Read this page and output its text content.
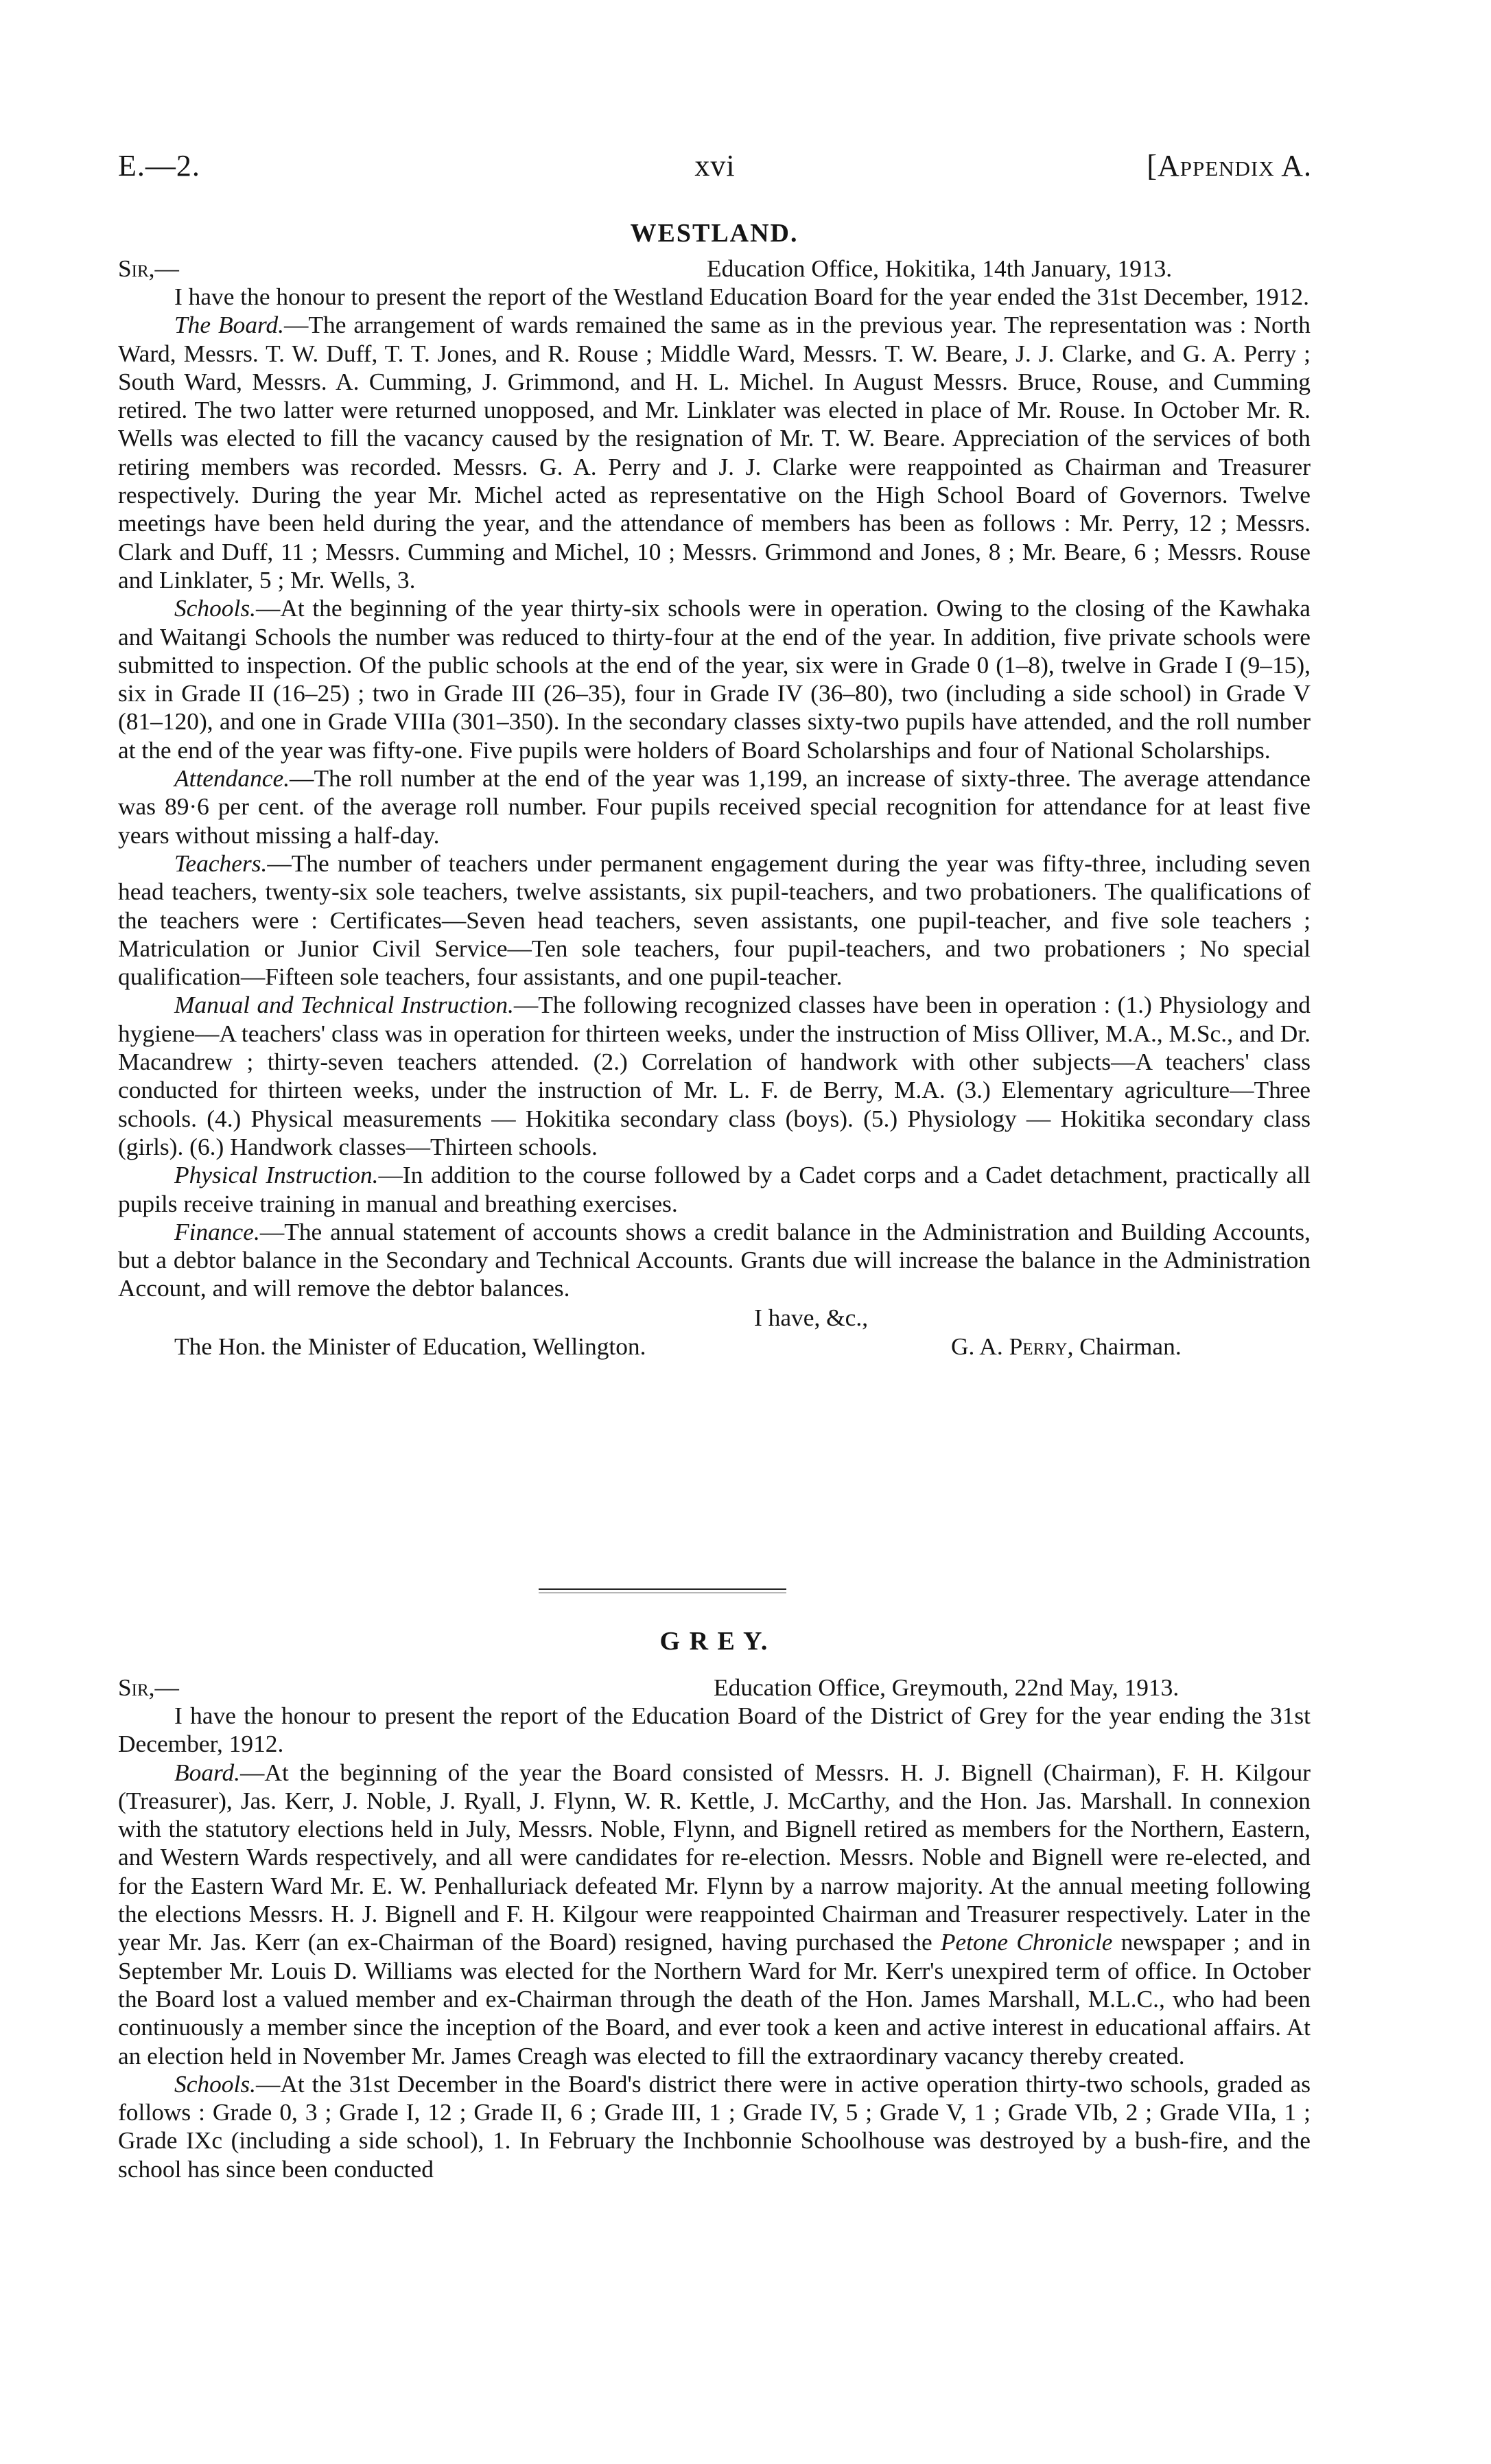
E.—2.	xvi	[Appendix A.
WESTLAND.
Sir,—	Education Office, Hokitika, 14th January, 1913.

I have the honour to present the report of the Westland Education Board for the year ended the 31st December, 1912.

The Board.—The arrangement of wards remained the same as in the previous year. The representation was : North Ward, Messrs. T. W. Duff, T. T. Jones, and R. Rouse ; Middle Ward, Messrs. T. W. Beare, J. J. Clarke, and G. A. Perry ; South Ward, Messrs. A. Cumming, J. Grimmond, and H. L. Michel. In August Messrs. Bruce, Rouse, and Cumming retired. The two latter were returned unopposed, and Mr. Linklater was elected in place of Mr. Rouse. In October Mr. R. Wells was elected to fill the vacancy caused by the resignation of Mr. T. W. Beare. Appreciation of the services of both retiring members was recorded. Messrs. G. A. Perry and J. J. Clarke were reappointed as Chairman and Treasurer respectively. During the year Mr. Michel acted as representative on the High School Board of Governors. Twelve meetings have been held during the year, and the attendance of members has been as follows : Mr. Perry, 12 ; Messrs. Clark and Duff, 11 ; Messrs. Cumming and Michel, 10 ; Messrs. Grimmond and Jones, 8 ; Mr. Beare, 6 ; Messrs. Rouse and Linklater, 5 ; Mr. Wells, 3.

Schools.—At the beginning of the year thirty-six schools were in operation. Owing to the closing of the Kawhaka and Waitangi Schools the number was reduced to thirty-four at the end of the year. In addition, five private schools were submitted to inspection. Of the public schools at the end of the year, six were in Grade 0 (1–8), twelve in Grade I (9–15), six in Grade II (16–25) ; two in Grade III (26–35), four in Grade IV (36–80), two (including a side school) in Grade V (81–120), and one in Grade VIIIa (301–350). In the secondary classes sixty-two pupils have attended, and the roll number at the end of the year was fifty-one. Five pupils were holders of Board Scholarships and four of National Scholarships.

Attendance.—The roll number at the end of the year was 1,199, an increase of sixty-three. The average attendance was 89·6 per cent. of the average roll number. Four pupils received special recognition for attendance for at least five years without missing a half-day.

Teachers.—The number of teachers under permanent engagement during the year was fifty-three, including seven head teachers, twenty-six sole teachers, twelve assistants, six pupil-teachers, and two probationers. The qualifications of the teachers were : Certificates—Seven head teachers, seven assistants, one pupil-teacher, and five sole teachers ; Matriculation or Junior Civil Service—Ten sole teachers, four pupil-teachers, and two probationers ; No special qualification—Fifteen sole teachers, four assistants, and one pupil-teacher.

Manual and Technical Instruction.—The following recognized classes have been in operation : (1.) Physiology and hygiene—A teachers' class was in operation for thirteen weeks, under the instruction of Miss Olliver, M.A., M.Sc., and Dr. Macandrew ; thirty-seven teachers attended. (2.) Correlation of handwork with other subjects—A teachers' class conducted for thirteen weeks, under the instruction of Mr. L. F. de Berry, M.A. (3.) Elementary agriculture—Three schools. (4.) Physical measurements — Hokitika secondary class (boys). (5.) Physiology — Hokitika secondary class (girls). (6.) Handwork classes—Thirteen schools.

Physical Instruction.—In addition to the course followed by a Cadet corps and a Cadet detachment, practically all pupils receive training in manual and breathing exercises.

Finance.—The annual statement of accounts shows a credit balance in the Administration and Building Accounts, but a debtor balance in the Secondary and Technical Accounts. Grants due will increase the balance in the Administration Account, and will remove the debtor balances.

I have, &c.,
The Hon. the Minister of Education, Wellington.	G. A. Perry, Chairman.
G R E Y.
Sir,—	Education Office, Greymouth, 22nd May, 1913.

I have the honour to present the report of the Education Board of the District of Grey for the year ending the 31st December, 1912.

Board.—At the beginning of the year the Board consisted of Messrs. H. J. Bignell (Chairman), F. H. Kilgour (Treasurer), Jas. Kerr, J. Noble, J. Ryall, J. Flynn, W. R. Kettle, J. McCarthy, and the Hon. Jas. Marshall. In connexion with the statutory elections held in July, Messrs. Noble, Flynn, and Bignell retired as members for the Northern, Eastern, and Western Wards respectively, and all were candidates for re-election. Messrs. Noble and Bignell were re-elected, and for the Eastern Ward Mr. E. W. Penhalluriack defeated Mr. Flynn by a narrow majority. At the annual meeting following the elections Messrs. H. J. Bignell and F. H. Kilgour were reappointed Chairman and Treasurer respectively. Later in the year Mr. Jas. Kerr (an ex-Chairman of the Board) resigned, having purchased the Petone Chronicle newspaper ; and in September Mr. Louis D. Williams was elected for the Northern Ward for Mr. Kerr's unexpired term of office. In October the Board lost a valued member and ex-Chairman through the death of the Hon. James Marshall, M.L.C., who had been continuously a member since the inception of the Board, and ever took a keen and active interest in educational affairs. At an election held in November Mr. James Creagh was elected to fill the extraordinary vacancy thereby created.

Schools.—At the 31st December in the Board's district there were in active operation thirty-two schools, graded as follows : Grade 0, 3 ; Grade I, 12 ; Grade II, 6 ; Grade III, 1 ; Grade IV, 5 ; Grade V, 1 ; Grade VIb, 2 ; Grade VIIa, 1 ; Grade IXc (including a side school), 1. In February the Inchbonnie Schoolhouse was destroyed by a bush-fire, and the school has since been conducted
